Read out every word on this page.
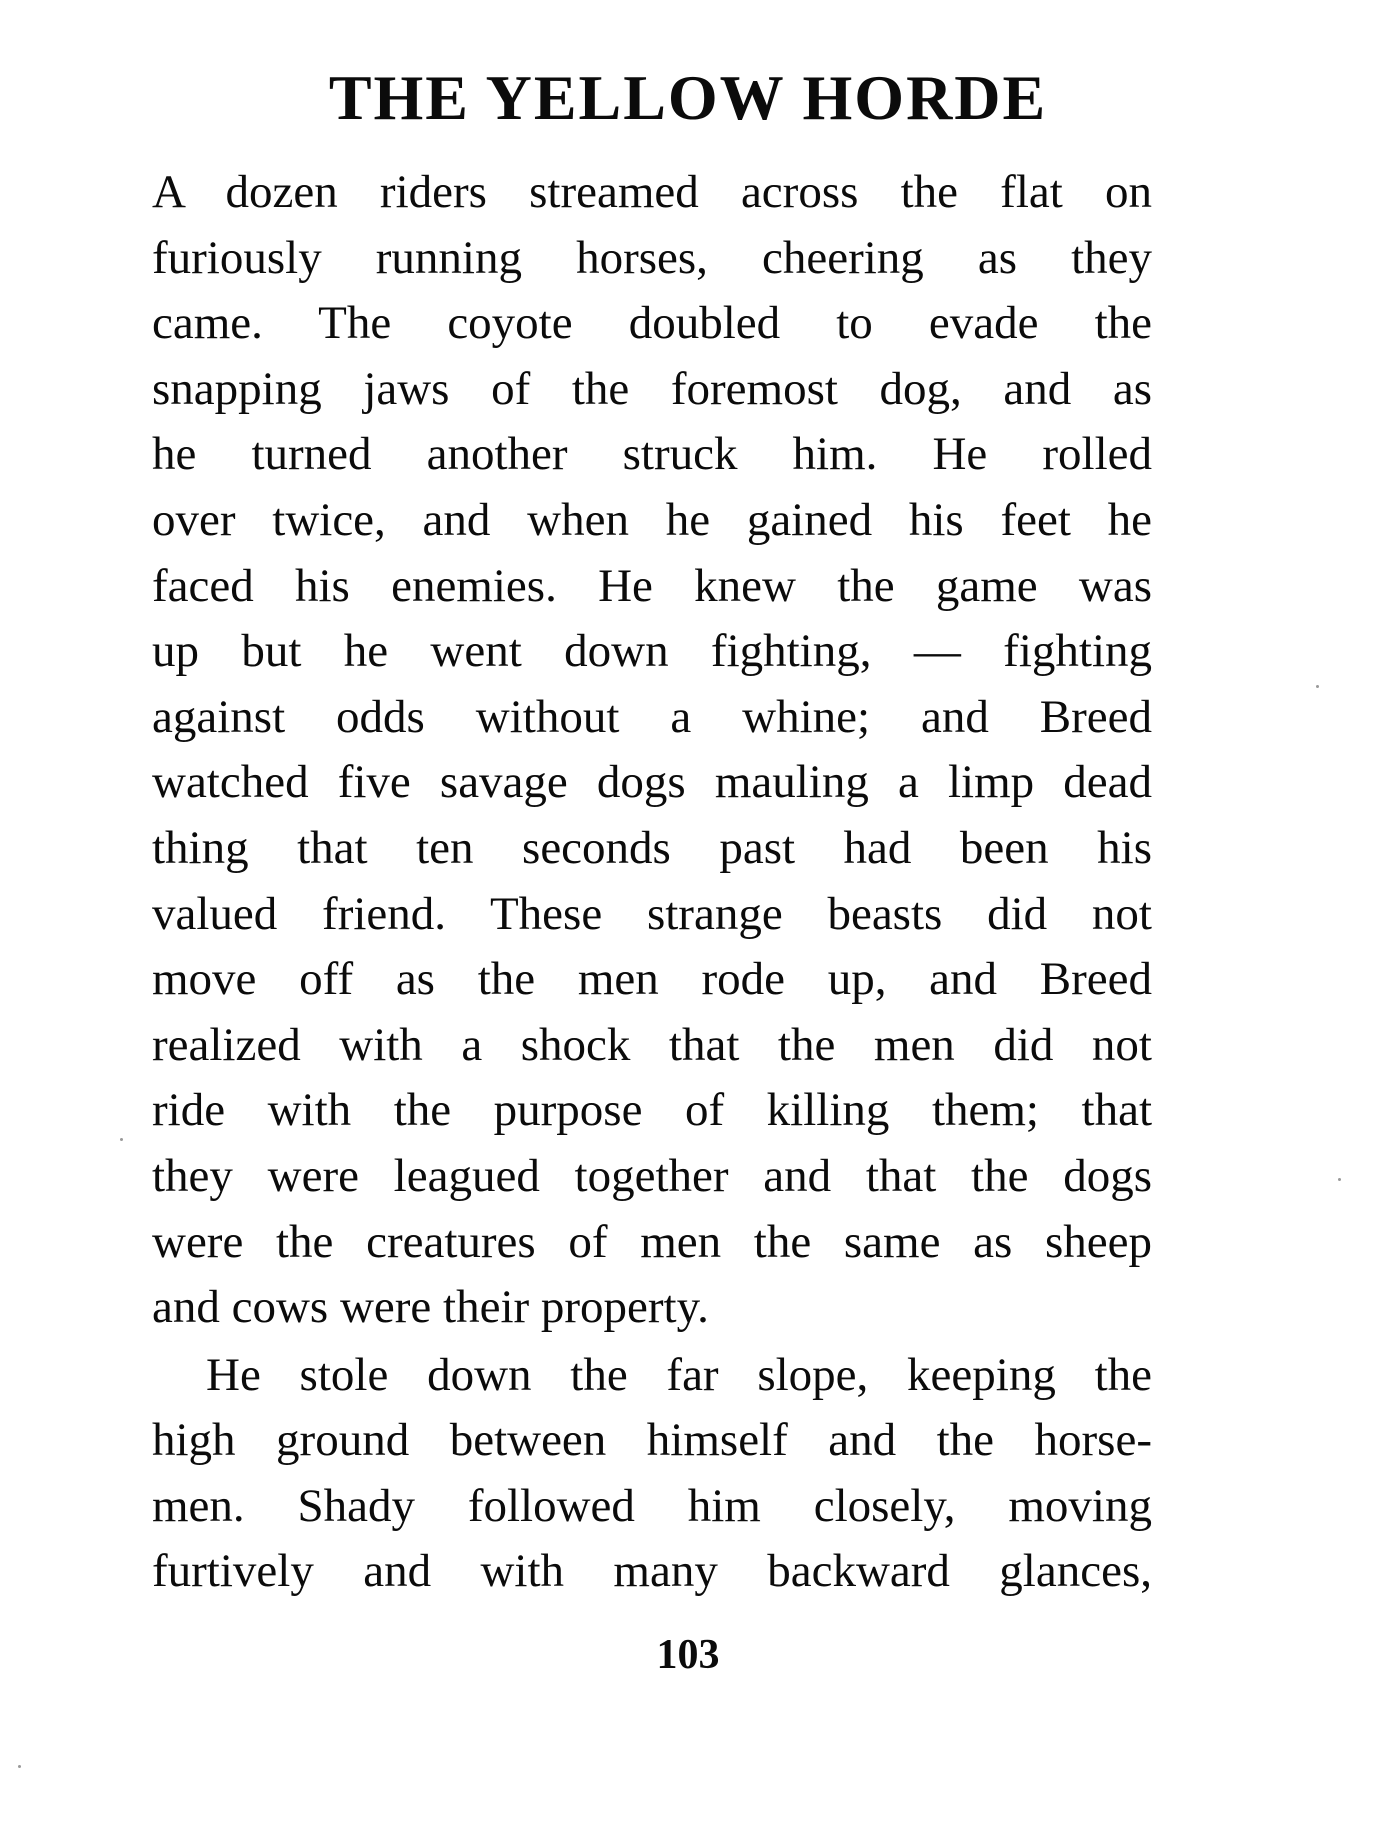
THE YELLOW HORDE
A dozen riders streamed across the flat on
furiously running horses, cheering as they
came. The coyote doubled to evade the
snapping jaws of the foremost dog, and as
he turned another struck him. He rolled
over twice, and when he gained his feet he
faced his enemies. He knew the game was
up but he went down fighting, — fighting
against odds without a whine; and Breed
watched five savage dogs mauling a limp dead
thing that ten seconds past had been his
valued friend. These strange beasts did not
move off as the men rode up, and Breed
realized with a shock that the men did not
ride with the purpose of killing them; that
they were leagued together and that the dogs
were the creatures of men the same as sheep
and cows were their property.
He stole down the far slope, keeping the
high ground between himself and the horse-
men. Shady followed him closely, moving
furtively and with many backward glances,
103
